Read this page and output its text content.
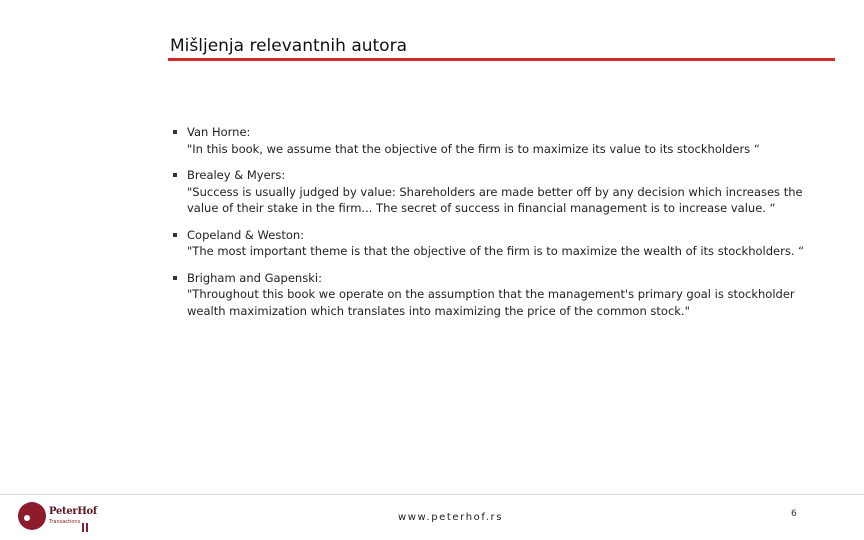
Mišljenja relevantnih autora
Van Horne:
"In this book, we assume that the objective of the firm is to maximize its value to its stockholders “
Brealey & Myers:
"Success is usually judged by value: Shareholders are made better off by any decision which increases the value of their stake in the firm... The secret of success in financial management is to increase value. “
Copeland & Weston:
"The most important theme is that the objective of the firm is to maximize the wealth of its stockholders. “
Brigham and Gapenski:
"Throughout this book we operate on the assumption that the management's primary goal is stockholder wealth maximization which translates into maximizing the price of the common stock."
PeterHof
Transactions	www.peterhof.rs	6
